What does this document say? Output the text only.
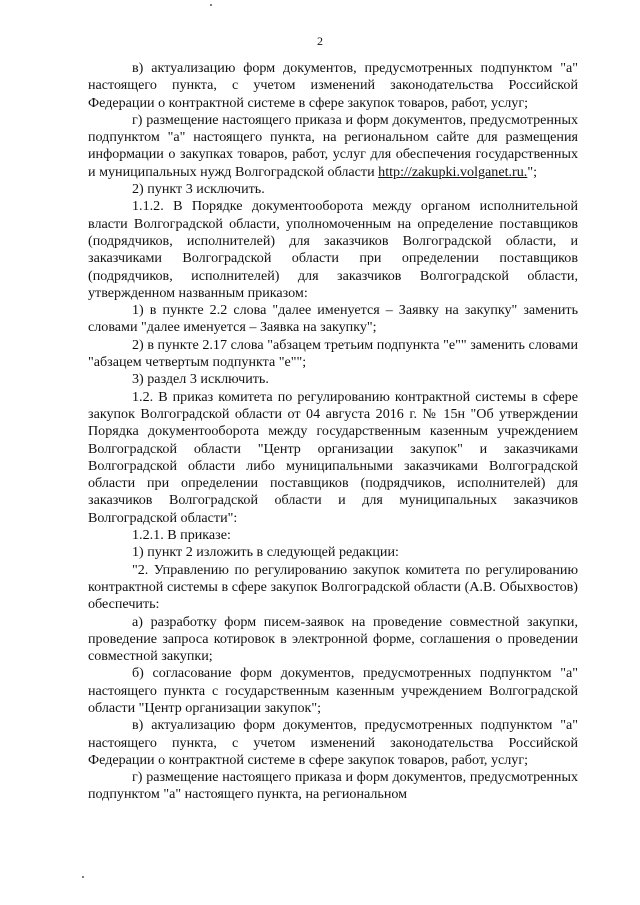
2

в) актуализацию форм документов, предусмотренных подпунктом "а" настоящего пункта, с учетом изменений законодательства Российской Федерации о контрактной системе в сфере закупок товаров, работ, услуг;

г) размещение настоящего приказа и форм документов, предусмотренных подпунктом "а" настоящего пункта, на региональном сайте для размещения информации о закупках товаров, работ, услуг для обеспечения государственных и муниципальных нужд Волгоградской области http://zakupki.volganet.ru.";

2) пункт 3 исключить.

1.1.2. В Порядке документооборота между органом исполнительной власти Волгоградской области, уполномоченным на определение поставщиков (подрядчиков, исполнителей) для заказчиков Волгоградской области, и заказчиками Волгоградской области при определении поставщиков (подрядчиков, исполнителей) для заказчиков Волгоградской области, утвержденном названным приказом:

1) в пункте 2.2 слова "далее именуется – Заявку на закупку" заменить словами "далее именуется – Заявка на закупку";

2) в пункте 2.17 слова "абзацем третьим подпункта "е"" заменить словами "абзацем четвертым подпункта "е"";

3) раздел 3 исключить.

1.2. В приказ комитета по регулированию контрактной системы в сфере закупок Волгоградской области от 04 августа 2016 г. № 15н "Об утверждении Порядка документооборота между государственным казенным учреждением Волгоградской области "Центр организации закупок" и заказчиками Волгоградской области либо муниципальными заказчиками Волгоградской области при определении поставщиков (подрядчиков, исполнителей) для заказчиков Волгоградской области и для муниципальных заказчиков Волгоградской области":

1.2.1. В приказе:

1) пункт 2 изложить в следующей редакции:

"2. Управлению по регулированию закупок комитета по регулированию контрактной системы в сфере закупок Волгоградской области (А.В. Обыхвостов) обеспечить:

а) разработку форм писем-заявок на проведение совместной закупки, проведение запроса котировок в электронной форме, соглашения о проведении совместной закупки;

б) согласование форм документов, предусмотренных подпунктом "а" настоящего пункта с государственным казенным учреждением Волгоградской области "Центр организации закупок";

в) актуализацию форм документов, предусмотренных подпунктом "а" настоящего пункта, с учетом изменений законодательства Российской Федерации о контрактной системе в сфере закупок товаров, работ, услуг;

г) размещение настоящего приказа и форм документов, предусмотренных подпунктом "а" настоящего пункта, на региональном
